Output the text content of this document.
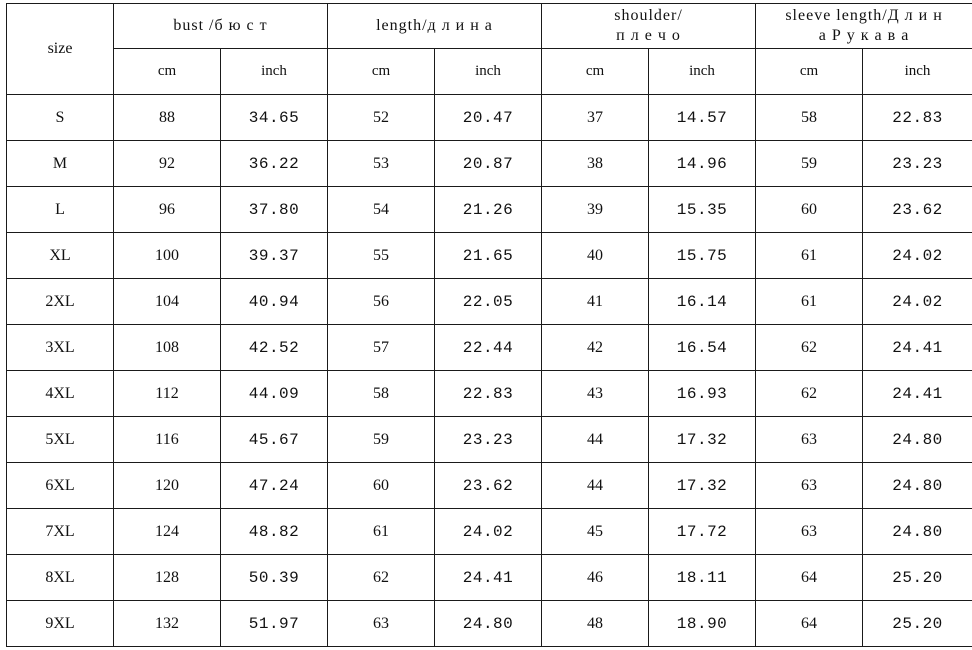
size	bust /б ю с т		length/д л и н а		shoulder/
п л е ч о		sleeve length/Д л и н
а Р у к а в а	

	cm	inch	cm	inch	cm	inch	cm	inch
S	88	34.65	52	20.47	37	14.57	58	22.83
M	92	36.22	53	20.87	38	14.96	59	23.23
L	96	37.80	54	21.26	39	15.35	60	23.62
XL	100	39.37	55	21.65	40	15.75	61	24.02
2XL	104	40.94	56	22.05	41	16.14	61	24.02
3XL	108	42.52	57	22.44	42	16.54	62	24.41
4XL	112	44.09	58	22.83	43	16.93	62	24.41
5XL	116	45.67	59	23.23	44	17.32	63	24.80
6XL	120	47.24	60	23.62	44	17.32	63	24.80
7XL	124	48.82	61	24.02	45	17.72	63	24.80
8XL	128	50.39	62	24.41	46	18.11	64	25.20
9XL	132	51.97	63	24.80	48	18.90	64	25.20
